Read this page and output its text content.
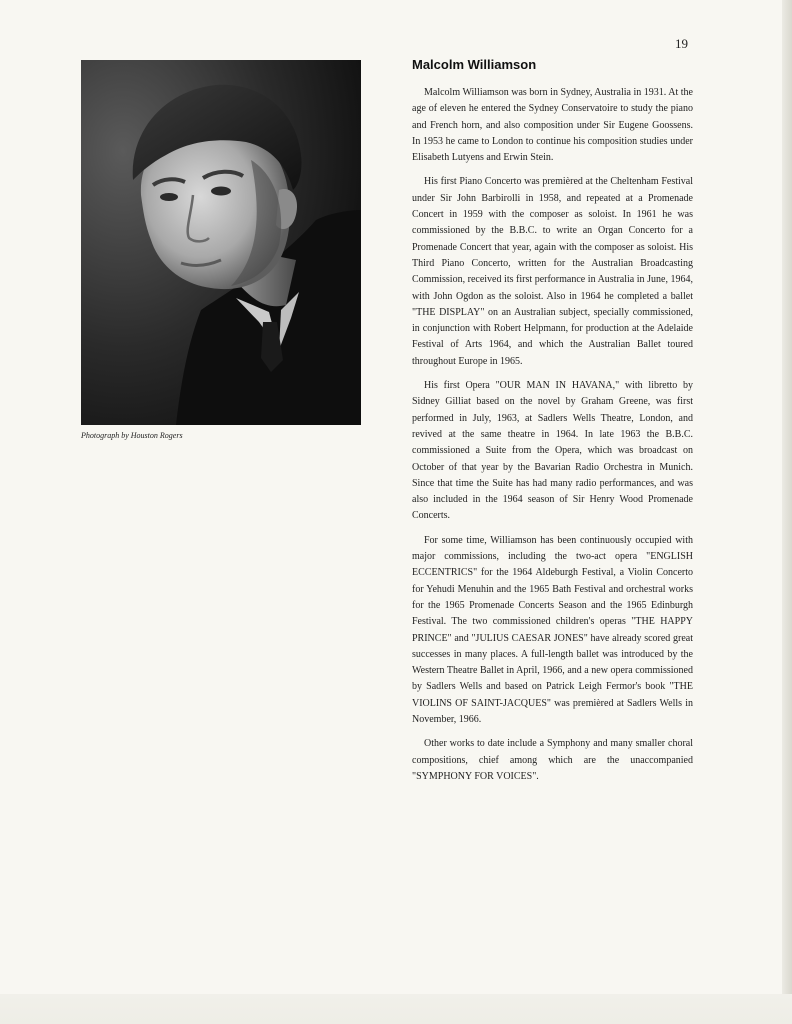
19
Photograph by Houston Rogers
Malcolm Williamson

Malcolm Williamson was born in Sydney, Australia in 1931. At the age of eleven he entered the Sydney Conservatoire to study the piano and French horn, and also composition under Sir Eugene Goossens. In 1953 he came to London to continue his composition studies under Elisabeth Lutyens and Erwin Stein.

His first Piano Concerto was premièred at the Cheltenham Festival under Sir John Barbirolli in 1958, and repeated at a Promenade Concert in 1959 with the composer as soloist. In 1961 he was commissioned by the B.B.C. to write an Organ Concerto for a Promenade Concert that year, again with the composer as soloist. His Third Piano Concerto, written for the Australian Broadcasting Commission, received its first performance in Australia in June, 1964, with John Ogdon as the soloist. Also in 1964 he completed a ballet "THE DISPLAY" on an Australian subject, specially commissioned, in conjunction with Robert Helpmann, for production at the Adelaide Festival of Arts 1964, and which the Australian Ballet toured throughout Europe in 1965.

His first Opera "OUR MAN IN HAVANA," with libretto by Sidney Gilliat based on the novel by Graham Greene, was first performed in July, 1963, at Sadlers Wells Theatre, London, and revived at the same theatre in 1964. In late 1963 the B.B.C. commissioned a Suite from the Opera, which was broadcast on October of that year by the Bavarian Radio Orchestra in Munich. Since that time the Suite has had many radio performances, and was also included in the 1964 season of Sir Henry Wood Promenade Concerts.

For some time, Williamson has been continuously occupied with major commissions, including the two-act opera "ENGLISH ECCENTRICS" for the 1964 Aldeburgh Festival, a Violin Concerto for Yehudi Menuhin and the 1965 Bath Festival and orchestral works for the 1965 Promenade Concerts Season and the 1965 Edinburgh Festival. The two commissioned children's operas "THE HAPPY PRINCE" and "JULIUS CAESAR JONES" have already scored great successes in many places. A full-length ballet was introduced by the Western Theatre Ballet in April, 1966, and a new opera commissioned by Sadlers Wells and based on Patrick Leigh Fermor's book "THE VIOLINS OF SAINT-JACQUES" was premièred at Sadlers Wells in November, 1966.

Other works to date include a Symphony and many smaller choral compositions, chief among which are the unaccompanied "SYMPHONY FOR VOICES".
